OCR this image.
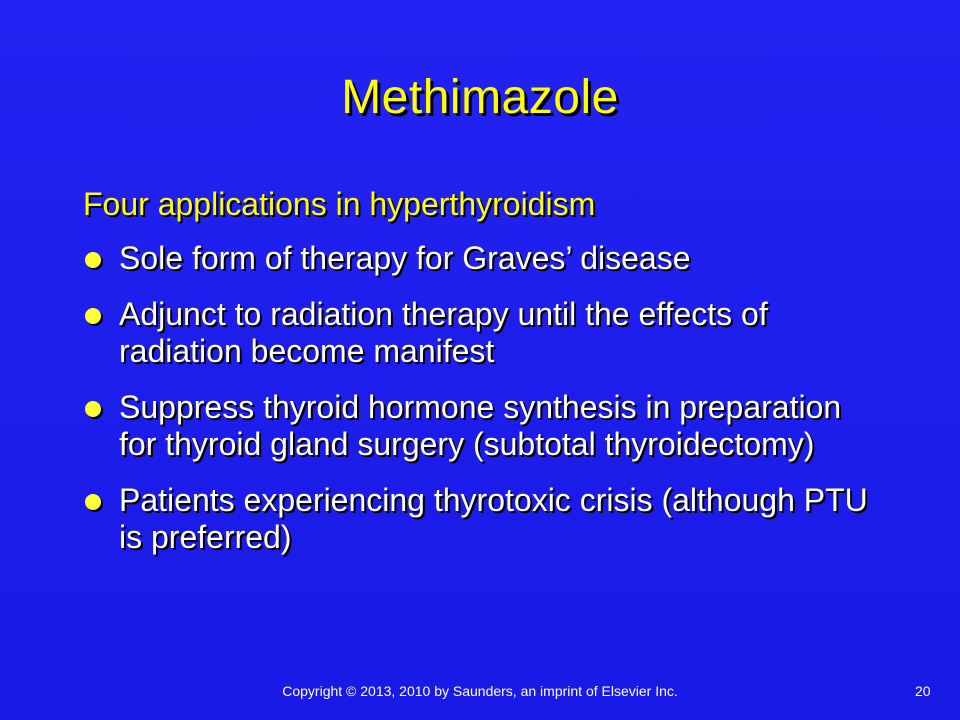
Methimazole
Four applications in hyperthyroidism
Sole form of therapy for Graves’ disease
Adjunct to radiation therapy until the effects of radiation become manifest
Suppress thyroid hormone synthesis in preparation for thyroid gland surgery (subtotal thyroidectomy)
Patients experiencing thyrotoxic crisis (although PTU is preferred)
Copyright © 2013, 2010 by Saunders, an imprint of Elsevier Inc.	20
